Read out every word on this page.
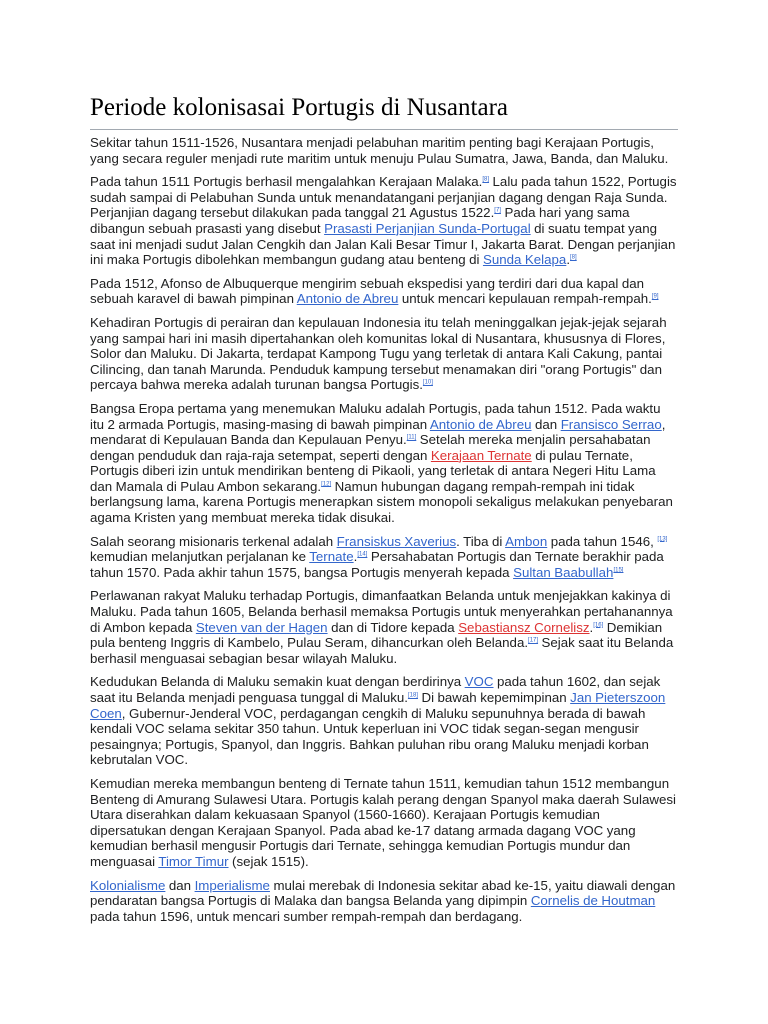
Periode kolonisasai Portugis di Nusantara

Sekitar tahun 1511-1526, Nusantara menjadi pelabuhan maritim penting bagi Kerajaan Portugis, yang secara reguler menjadi rute maritim untuk menuju Pulau Sumatra, Jawa, Banda, dan Maluku.

Pada tahun 1511 Portugis berhasil mengalahkan Kerajaan Malaka.[8] Lalu pada tahun 1522, Portugis sudah sampai di Pelabuhan Sunda untuk menandatangani perjanjian dagang dengan Raja Sunda. Perjanjian dagang tersebut dilakukan pada tanggal 21 Agustus 1522.[7] Pada hari yang sama dibangun sebuah prasasti yang disebut Prasasti Perjanjian Sunda-Portugal di suatu tempat yang saat ini menjadi sudut Jalan Cengkih dan Jalan Kali Besar Timur I, Jakarta Barat. Dengan perjanjian ini maka Portugis dibolehkan membangun gudang atau benteng di Sunda Kelapa.[8]

Pada 1512, Afonso de Albuquerque mengirim sebuah ekspedisi yang terdiri dari dua kapal dan sebuah karavel di bawah pimpinan Antonio de Abreu untuk mencari kepulauan rempah-rempah.[9]

Kehadiran Portugis di perairan dan kepulauan Indonesia itu telah meninggalkan jejak-jejak sejarah yang sampai hari ini masih dipertahankan oleh komunitas lokal di Nusantara, khususnya di Flores, Solor dan Maluku. Di Jakarta, terdapat Kampong Tugu yang terletak di antara Kali Cakung, pantai Cilincing, dan tanah Marunda. Penduduk kampung tersebut menamakan diri "orang Portugis" dan percaya bahwa mereka adalah turunan bangsa Portugis.[10]

Bangsa Eropa pertama yang menemukan Maluku adalah Portugis, pada tahun 1512. Pada waktu itu 2 armada Portugis, masing-masing di bawah pimpinan Antonio de Abreu dan Fransisco Serrao, mendarat di Kepulauan Banda dan Kepulauan Penyu.[11] Setelah mereka menjalin persahabatan dengan penduduk dan raja-raja setempat, seperti dengan Kerajaan Ternate di pulau Ternate, Portugis diberi izin untuk mendirikan benteng di Pikaoli, yang terletak di antara Negeri Hitu Lama dan Mamala di Pulau Ambon sekarang.[12] Namun hubungan dagang rempah-rempah ini tidak berlangsung lama, karena Portugis menerapkan sistem monopoli sekaligus melakukan penyebaran agama Kristen yang membuat mereka tidak disukai.

Salah seorang misionaris terkenal adalah Fransiskus Xaverius. Tiba di Ambon pada tahun 1546, [13] kemudian melanjutkan perjalanan ke Ternate.[14] Persahabatan Portugis dan Ternate berakhir pada tahun 1570. Pada akhir tahun 1575, bangsa Portugis menyerah kepada Sultan Baabullah[15]

Perlawanan rakyat Maluku terhadap Portugis, dimanfaatkan Belanda untuk menjejakkan kakinya di Maluku. Pada tahun 1605, Belanda berhasil memaksa Portugis untuk menyerahkan pertahanannya di Ambon kepada Steven van der Hagen dan di Tidore kepada Sebastiansz Cornelisz.[16] Demikian pula benteng Inggris di Kambelo, Pulau Seram, dihancurkan oleh Belanda.[17] Sejak saat itu Belanda berhasil menguasai sebagian besar wilayah Maluku.

Kedudukan Belanda di Maluku semakin kuat dengan berdirinya VOC pada tahun 1602, dan sejak saat itu Belanda menjadi penguasa tunggal di Maluku.[18] Di bawah kepemimpinan Jan Pieterszoon Coen, Gubernur-Jenderal VOC, perdagangan cengkih di Maluku sepunuhnya berada di bawah kendali VOC selama sekitar 350 tahun. Untuk keperluan ini VOC tidak segan-segan mengusir pesaingnya; Portugis, Spanyol, dan Inggris. Bahkan puluhan ribu orang Maluku menjadi korban kebrutalan VOC.

Kemudian mereka membangun benteng di Ternate tahun 1511, kemudian tahun 1512 membangun Benteng di Amurang Sulawesi Utara. Portugis kalah perang dengan Spanyol maka daerah Sulawesi Utara diserahkan dalam kekuasaan Spanyol (1560-1660). Kerajaan Portugis kemudian dipersatukan dengan Kerajaan Spanyol. Pada abad ke-17 datang armada dagang VOC yang kemudian berhasil mengusir Portugis dari Ternate, sehingga kemudian Portugis mundur dan menguasai Timor Timur (sejak 1515).

Kolonialisme dan Imperialisme mulai merebak di Indonesia sekitar abad ke-15, yaitu diawali dengan pendaratan bangsa Portugis di Malaka dan bangsa Belanda yang dipimpin Cornelis de Houtman pada tahun 1596, untuk mencari sumber rempah-rempah dan berdagang.
